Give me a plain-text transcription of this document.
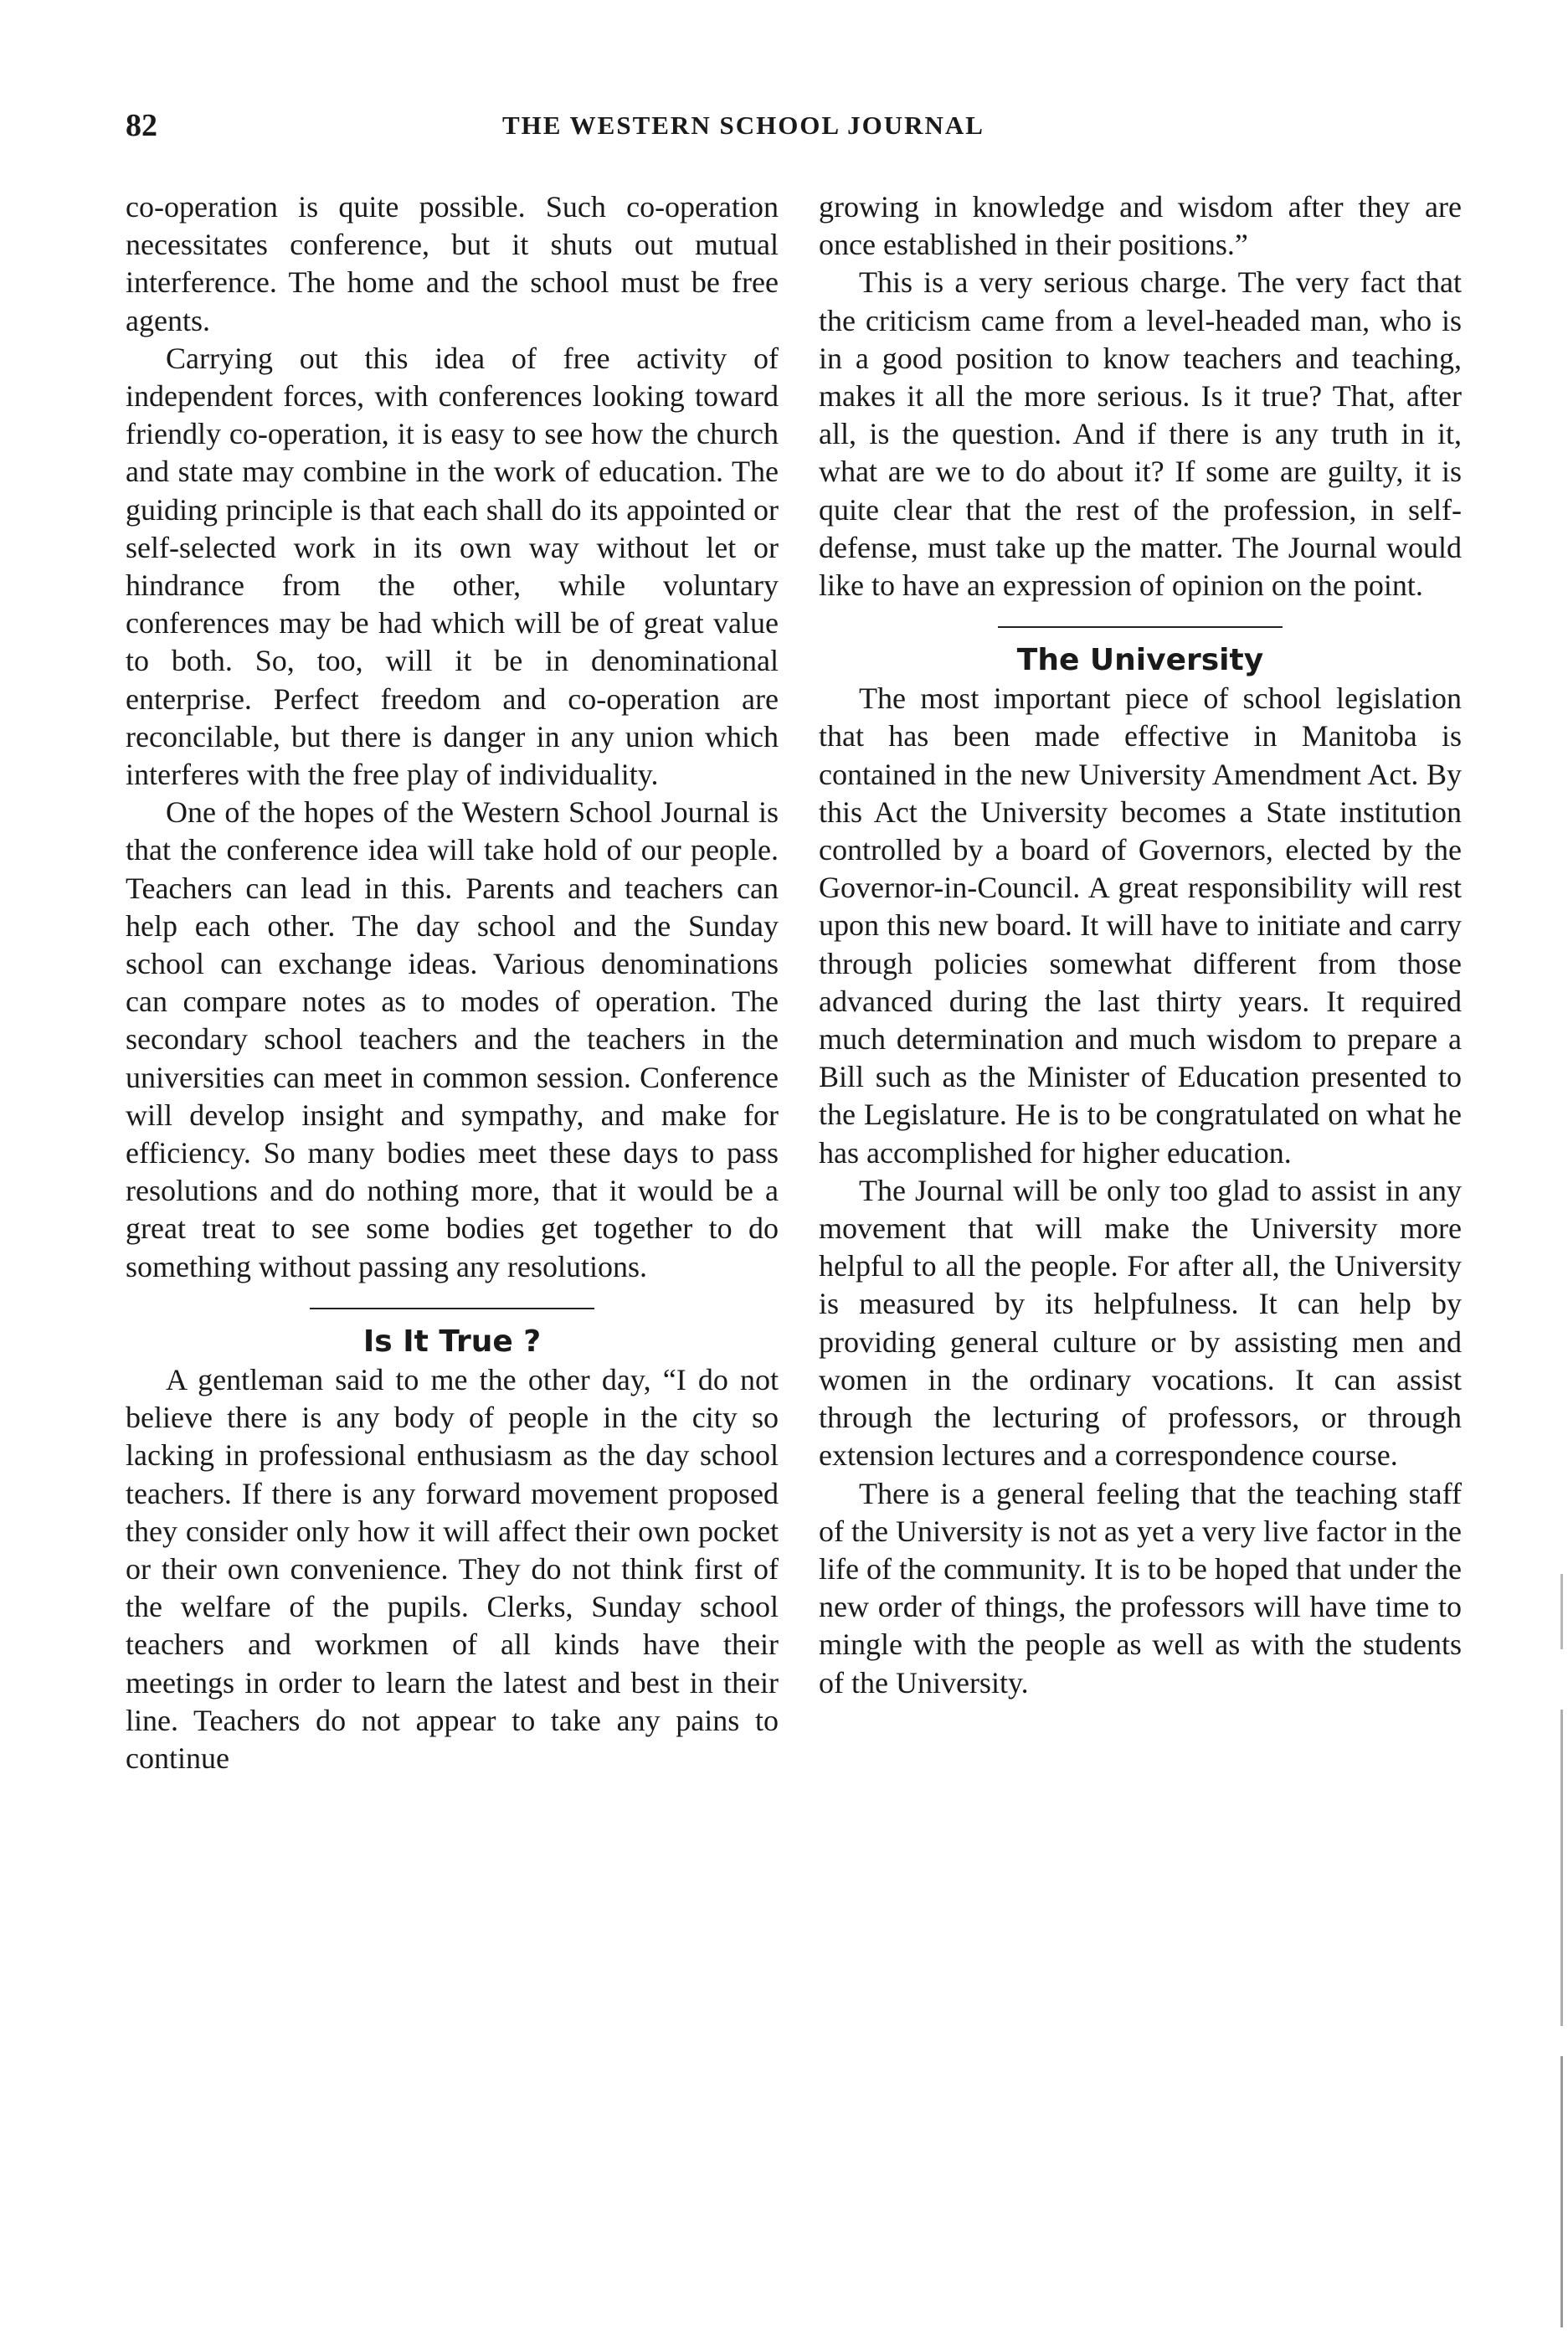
82	THE WESTERN SCHOOL JOURNAL

co-operation is quite possible. Such co-operation necessitates conference, but it shuts out mutual interference. The home and the school must be free agents.

Carrying out this idea of free activity of independent forces, with conferences looking toward friendly co-operation, it is easy to see how the church and state may combine in the work of education. The guiding principle is that each shall do its appointed or self-selected work in its own way without let or hindrance from the other, while voluntary conferences may be had which will be of great value to both. So, too, will it be in denominational enterprise. Perfect freedom and co-operation are reconcilable, but there is danger in any union which interferes with the free play of individuality.

One of the hopes of the Western School Journal is that the conference idea will take hold of our people. Teachers can lead in this. Parents and teachers can help each other. The day school and the Sunday school can exchange ideas. Various denominations can compare notes as to modes of operation. The secondary school teachers and the teachers in the universities can meet in common session. Conference will develop insight and sympathy, and make for efficiency. So many bodies meet these days to pass resolutions and do nothing more, that it would be a great treat to see some bodies get together to do something without passing any resolutions.

Is It True ?

A gentleman said to me the other day, “I do not believe there is any body of people in the city so lacking in professional enthusiasm as the day school teachers. If there is any forward movement proposed they consider only how it will affect their own pocket or their own convenience. They do not think first of the welfare of the pupils. Clerks, Sunday school teachers and workmen of all kinds have their meetings in order to learn the latest and best in their line. Teachers do not appear to take any pains to continue

growing in knowledge and wisdom after they are once established in their positions.”

This is a very serious charge. The very fact that the criticism came from a level-headed man, who is in a good position to know teachers and teaching, makes it all the more serious. Is it true? That, after all, is the question. And if there is any truth in it, what are we to do about it? If some are guilty, it is quite clear that the rest of the profession, in self-defense, must take up the matter. The Journal would like to have an expression of opinion on the point.

The University

The most important piece of school legislation that has been made effective in Manitoba is contained in the new University Amendment Act. By this Act the University becomes a State institution controlled by a board of Governors, elected by the Governor-in-Council. A great responsibility will rest upon this new board. It will have to initiate and carry through policies somewhat different from those advanced during the last thirty years. It required much determination and much wisdom to prepare a Bill such as the Minister of Education presented to the Legislature. He is to be congratulated on what he has accomplished for higher education.

The Journal will be only too glad to assist in any movement that will make the University more helpful to all the people. For after all, the University is measured by its helpfulness. It can help by providing general culture or by assisting men and women in the ordinary vocations. It can assist through the lecturing of professors, or through extension lectures and a correspondence course.

There is a general feeling that the teaching staff of the University is not as yet a very live factor in the life of the community. It is to be hoped that under the new order of things, the professors will have time to mingle with the people as well as with the students of the University.
